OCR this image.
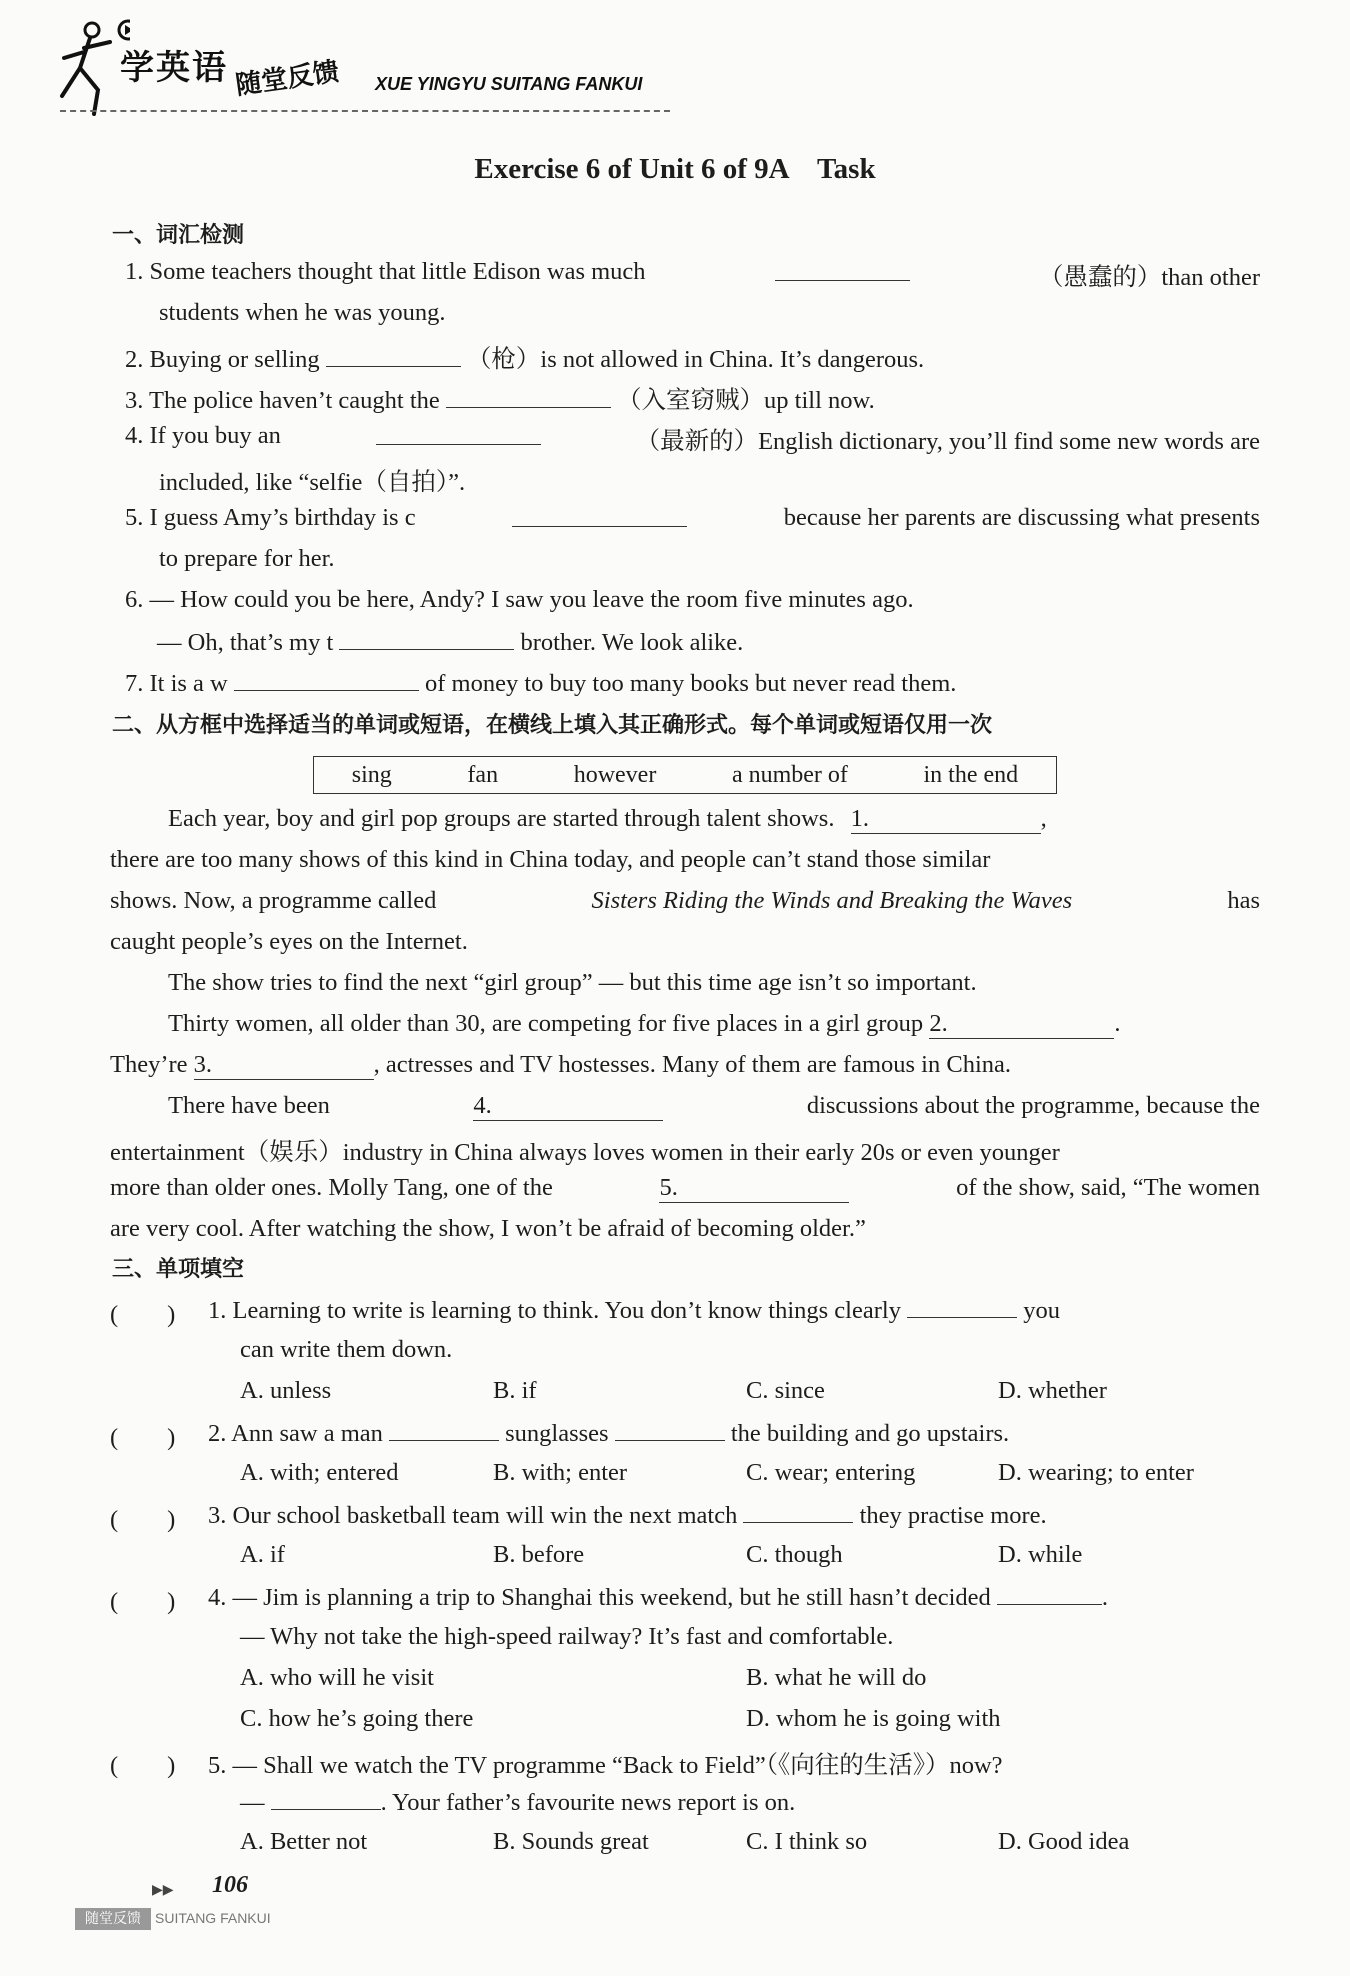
学英语 随堂反馈 XUE YINGYU SUITANG FANKUI
Exercise 6 of Unit 6 of 9A　Task
一、词汇检测
1. Some teachers thought that little Edison was much	（愚蠢的）than other
students when he was young.
2. Buying or selling	（枪）is not allowed in China. It’s dangerous.
3. The police haven’t caught the	（入室窃贼）up till now.
4. If you buy an	（最新的）English dictionary, you’ll find some new words are
included, like “selfie（自拍）”.
5. I guess Amy’s birthday is c	because her parents are discussing what presents
to prepare for her.
6. — How could you be here, Andy? I saw you leave the room five minutes ago.
— Oh, that’s my t	brother. We look alike.
7. It is a w	of money to buy too many books but never read them.
二、从方框中选择适当的单词或短语，在横线上填入其正确形式。每个单词或短语仅用一次
sing	fan	however	a number of	in the end
Each year, boy and girl pop groups are started through talent shows. 1.	,
there are too many shows of this kind in China today, and people can’t stand those similar
shows. Now, a programme called	Sisters Riding the Winds and Breaking the Waves	has
caught people’s eyes on the Internet.
The show tries to find the next “girl group” — but this time age isn’t so important.
Thirty women, all older than 30, are competing for five places in a girl group 2.	.
They’re 3.	, actresses and TV hostesses. Many of them are famous in China.
There have been	4.	discussions about the programme, because the
entertainment（娱乐）industry in China always loves women in their early 20s or even younger
more than older ones. Molly Tang, one of the	5.	of the show, said, “The women
are very cool. After watching the show, I won’t be afraid of becoming older.”
三、单项填空
(　　) 1. Learning to write is learning to think. You don’t know things clearly	you
can write them down.
A. unless	B. if	C. since	D. whether
(　　) 2. Ann saw a man	sunglasses	the building and go upstairs.
A. with; entered	B. with; enter	C. wear; entering	D. wearing; to enter
(　　) 3. Our school basketball team will win the next match	they practise more.
A. if	B. before	C. though	D. while
(　　) 4. — Jim is planning a trip to Shanghai this weekend, but he still hasn’t decided	.
— Why not take the high-speed railway? It’s fast and comfortable.
A. who will he visit	B. what he will do
C. how he’s going there	D. whom he is going with
(　　) 5. — Shall we watch the TV programme “Back to Field”（《向往的生活》）now?
—	. Your father’s favourite news report is on.
A. Better not	B. Sounds great	C. I think so	D. Good idea
▶▶ 106
随堂反馈	SUITANG FANKUI
